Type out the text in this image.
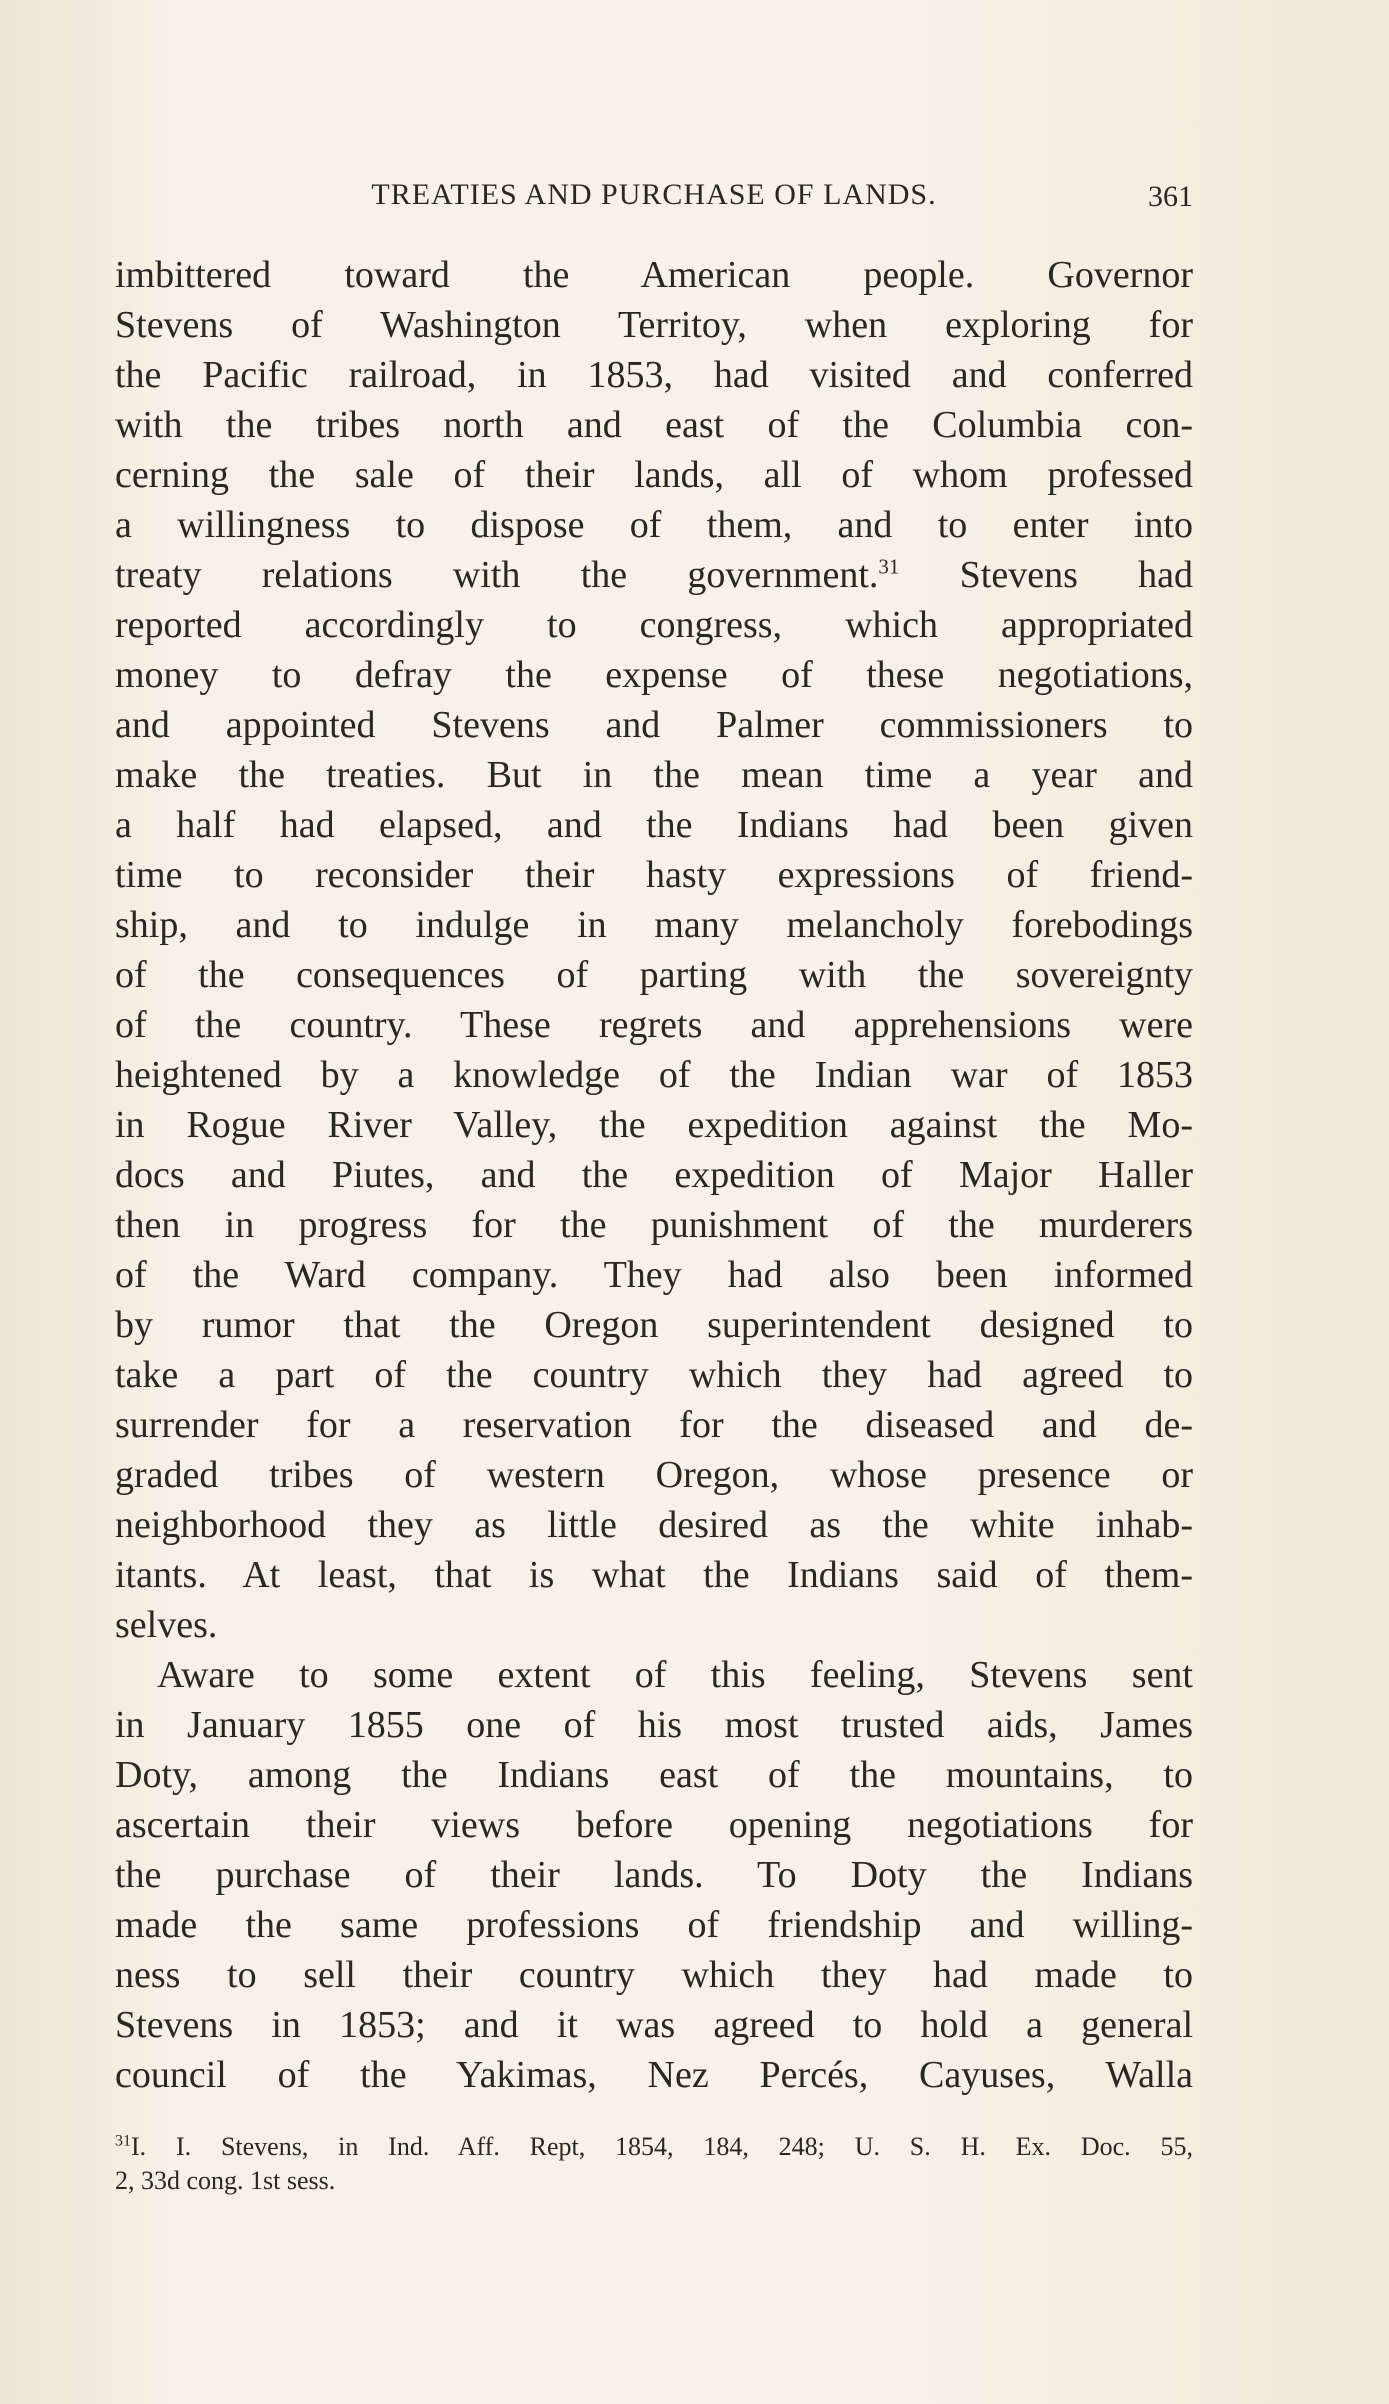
TREATIES AND PURCHASE OF LANDS.	361
imbittered toward the American people. Governor
Stevens of Washington Territoy, when exploring for
the Pacific railroad, in 1853, had visited and conferred
with the tribes north and east of the Columbia con-
cerning the sale of their lands, all of whom professed
a willingness to dispose of them, and to enter into
treaty relations with the government.$^{31}$ Stevens had
reported accordingly to congress, which appropriated
money to defray the expense of these negotiations,
and appointed Stevens and Palmer commissioners to
make the treaties. But in the mean time a year and
a half had elapsed, and the Indians had been given
time to reconsider their hasty expressions of friend-
ship, and to indulge in many melancholy forebodings
of the consequences of parting with the sovereignty
of the country. These regrets and apprehensions were
heightened by a knowledge of the Indian war of 1853
in Rogue River Valley, the expedition against the Mo-
docs and Piutes, and the expedition of Major Haller
then in progress for the punishment of the murderers
of the Ward company. They had also been informed
by rumor that the Oregon superintendent designed to
take a part of the country which they had agreed to
surrender for a reservation for the diseased and de-
graded tribes of western Oregon, whose presence or
neighborhood they as little desired as the white inhab-
itants. At least, that is what the Indians said of them-
selves.
Aware to some extent of this feeling, Stevens sent
in January 1855 one of his most trusted aids, James
Doty, among the Indians east of the mountains, to
ascertain their views before opening negotiations for
the purchase of their lands. To Doty the Indians
made the same professions of friendship and willing-
ness to sell their country which they had made to
Stevens in 1853; and it was agreed to hold a general
council of the Yakimas, Nez Percés, Cayuses, Walla
$^{31}$I. I. Stevens, in Ind. Aff. Rept, 1854, 184, 248; U. S. H. Ex. Doc. 55,
2, 33d cong. 1st sess.
